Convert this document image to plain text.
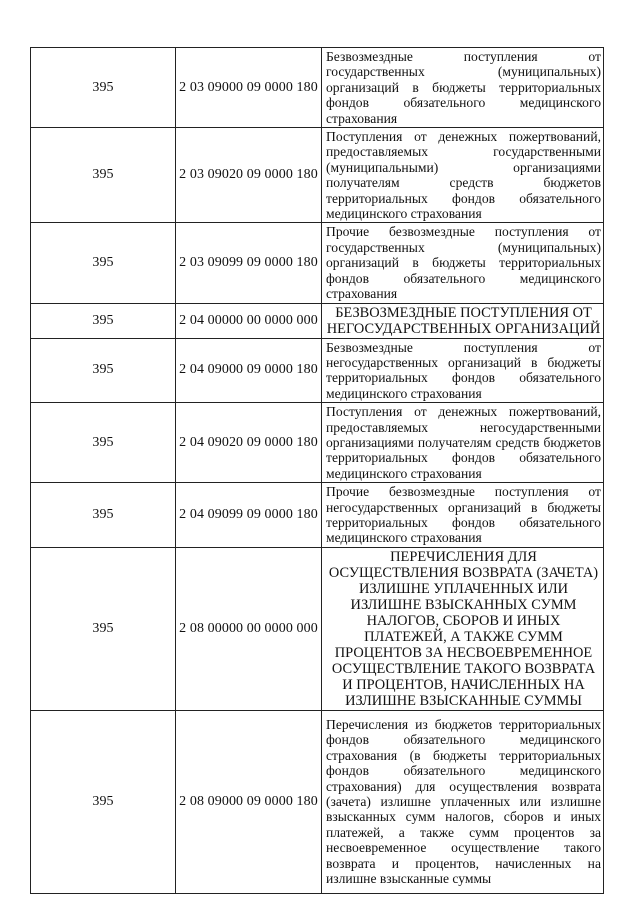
395	2 03 09000 09 0000 180	Безвозмездные поступления от государственных (муниципальных) организаций в бюджеты территориальных фондов обязательного медицинского страхования
395	2 03 09020 09 0000 180	Поступления от денежных пожертвований, предоставляемых государственными (муниципальными) организациями получателям средств бюджетов территориальных фондов обязательного медицинского страхования
395	2 03 09099 09 0000 180	Прочие безвозмездные поступления от государственных (муниципальных) организаций в бюджеты территориальных фондов обязательного медицинского страхования
395	2 04 00000 00 0000 000	БЕЗВОЗМЕЗДНЫЕ ПОСТУПЛЕНИЯ ОТ НЕГОСУДАРСТВЕННЫХ ОРГАНИЗАЦИЙ
395	2 04 09000 09 0000 180	Безвозмездные поступления от негосударственных организаций в бюджеты территориальных фондов обязательного медицинского страхования
395	2 04 09020 09 0000 180	Поступления от денежных пожертвований, предоставляемых негосударственными организациями получателям средств бюджетов территориальных фондов обязательного медицинского страхования
395	2 04 09099 09 0000 180	Прочие безвозмездные поступления от негосударственных организаций в бюджеты территориальных фондов обязательного медицинского страхования
395	2 08 00000 00 0000 000	ПЕРЕЧИСЛЕНИЯ ДЛЯ ОСУЩЕСТВЛЕНИЯ ВОЗВРАТА (ЗАЧЕТА) ИЗЛИШНЕ УПЛАЧЕННЫХ ИЛИ ИЗЛИШНЕ ВЗЫСКАННЫХ СУММ НАЛОГОВ, СБОРОВ И ИНЫХ ПЛАТЕЖЕЙ, А ТАКЖЕ СУММ ПРОЦЕНТОВ ЗА НЕСВОЕВРЕМЕННОЕ ОСУЩЕСТВЛЕНИЕ ТАКОГО ВОЗВРАТА И ПРОЦЕНТОВ, НАЧИСЛЕННЫХ НА ИЗЛИШНЕ ВЗЫСКАННЫЕ СУММЫ
395	2 08 09000 09 0000 180	Перечисления из бюджетов территориальных фондов обязательного медицинского страхования (в бюджеты территориальных фондов обязательного медицинского страхования) для осуществления возврата (зачета) излишне уплаченных или излишне взысканных сумм налогов, сборов и иных платежей, а также сумм процентов за несвоевременное осуществление такого возврата и процентов, начисленных на излишне взысканные суммы
